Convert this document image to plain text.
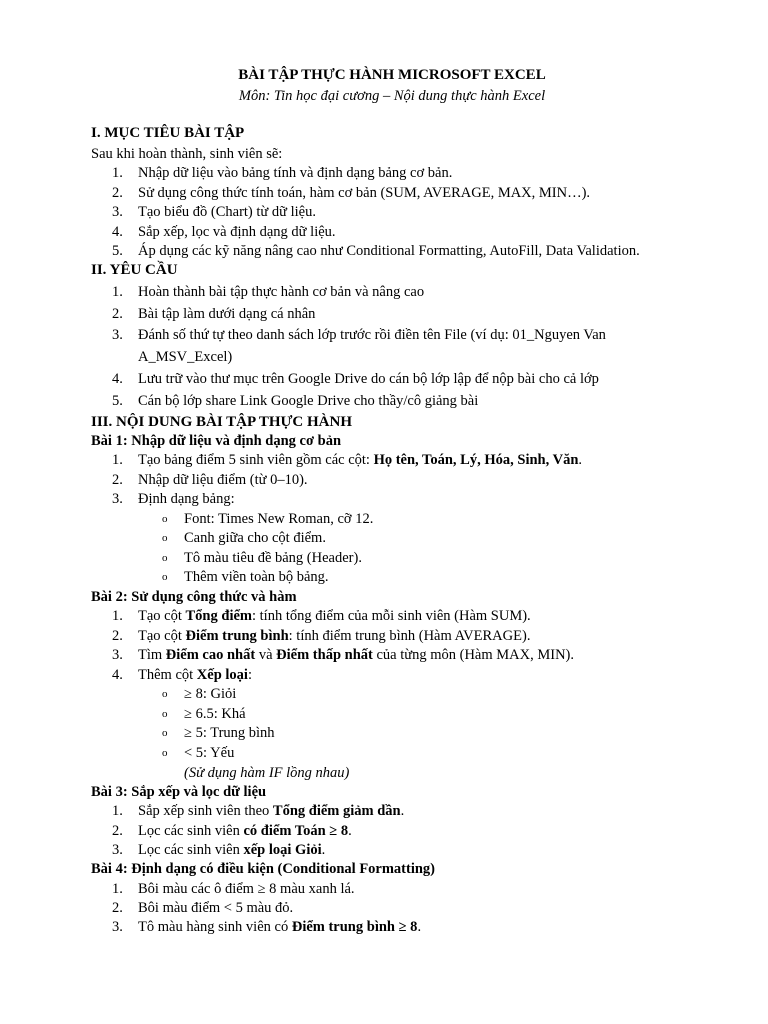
BÀI TẬP THỰC HÀNH MICROSOFT EXCEL
Môn: Tin học đại cương – Nội dung thực hành Excel
I. MỤC TIÊU BÀI TẬP
Sau khi hoàn thành, sinh viên sẽ:
1. Nhập dữ liệu vào bảng tính và định dạng bảng cơ bản.
2. Sử dụng công thức tính toán, hàm cơ bản (SUM, AVERAGE, MAX, MIN…).
3. Tạo biểu đồ (Chart) từ dữ liệu.
4. Sắp xếp, lọc và định dạng dữ liệu.
5. Áp dụng các kỹ năng nâng cao như Conditional Formatting, AutoFill, Data Validation.
II. YÊU CẦU
1. Hoàn thành bài tập thực hành cơ bản và nâng cao
2. Bài tập làm dưới dạng cá nhân
3. Đánh số thứ tự theo danh sách lớp trước rồi điền tên File (ví dụ: 01_Nguyen Van
A_MSV_Excel)
4. Lưu trữ vào thư mục trên Google Drive do cán bộ lớp lập để nộp bài cho cả lớp
5. Cán bộ lớp share Link Google Drive cho thầy/cô giảng bài
III. NỘI DUNG BÀI TẬP THỰC HÀNH
Bài 1: Nhập dữ liệu và định dạng cơ bản
1. Tạo bảng điểm 5 sinh viên gồm các cột: Họ tên, Toán, Lý, Hóa, Sinh, Văn.
2. Nhập dữ liệu điểm (từ 0–10).
3. Định dạng bảng:
o Font: Times New Roman, cỡ 12.
o Canh giữa cho cột điểm.
o Tô màu tiêu đề bảng (Header).
o Thêm viền toàn bộ bảng.
Bài 2: Sử dụng công thức và hàm
1. Tạo cột Tổng điểm: tính tổng điểm của mỗi sinh viên (Hàm SUM).
2. Tạo cột Điểm trung bình: tính điểm trung bình (Hàm AVERAGE).
3. Tìm Điểm cao nhất và Điểm thấp nhất của từng môn (Hàm MAX, MIN).
4. Thêm cột Xếp loại:
o ≥ 8: Giỏi
o ≥ 6.5: Khá
o ≥ 5: Trung bình
o < 5: Yếu
(Sử dụng hàm IF lồng nhau)
Bài 3: Sắp xếp và lọc dữ liệu
1. Sắp xếp sinh viên theo Tổng điểm giảm dần.
2. Lọc các sinh viên có điểm Toán ≥ 8.
3. Lọc các sinh viên xếp loại Giỏi.
Bài 4: Định dạng có điều kiện (Conditional Formatting)
1. Bôi màu các ô điểm ≥ 8 màu xanh lá.
2. Bôi màu điểm < 5 màu đỏ.
3. Tô màu hàng sinh viên có Điểm trung bình ≥ 8.
